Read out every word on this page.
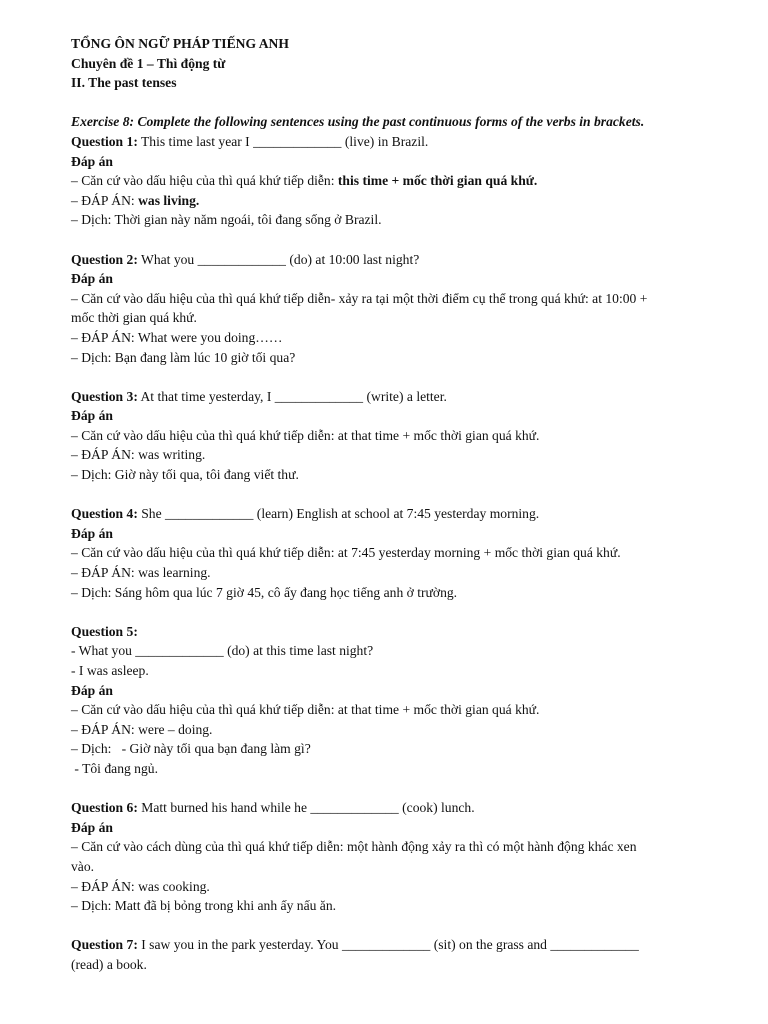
TỔNG ÔN NGỮ PHÁP TIẾNG ANH

Chuyên đề 1 – Thì động từ

II. The past tenses

Exercise 8: Complete the following sentences using the past continuous forms of the verbs in brackets.

Question 1: This time last year I _____________ (live) in Brazil.

Đáp án

– Căn cứ vào dấu hiệu của thì quá khứ tiếp diễn: this time + mốc thời gian quá khứ.

– ĐÁP ÁN: was living.

– Dịch: Thời gian này năm ngoái, tôi đang sống ở Brazil.

Question 2: What you _____________ (do) at 10:00 last night?

Đáp án

– Căn cứ vào dấu hiệu của thì quá khứ tiếp diễn- xảy ra tại một thời điểm cụ thể trong quá khứ: at 10:00 +

mốc thời gian quá khứ.

– ĐÁP ÁN: What were you doing……

– Dịch: Bạn đang làm lúc 10 giờ tối qua?

Question 3: At that time yesterday, I _____________ (write) a letter.

Đáp án

– Căn cứ vào dấu hiệu của thì quá khứ tiếp diễn: at that time + mốc thời gian quá khứ.

– ĐÁP ÁN: was writing.

– Dịch: Giờ này tối qua, tôi đang viết thư.

Question 4: She _____________ (learn) English at school at 7:45 yesterday morning.

Đáp án

– Căn cứ vào dấu hiệu của thì quá khứ tiếp diễn: at 7:45 yesterday morning + mốc thời gian quá khứ.

– ĐÁP ÁN: was learning.

– Dịch: Sáng hôm qua lúc 7 giờ 45, cô ấy đang học tiếng anh ở trường.

Question 5:

- What you _____________ (do) at this time last night?

- I was asleep.

Đáp án

– Căn cứ vào dấu hiệu của thì quá khứ tiếp diễn: at that time + mốc thời gian quá khứ.

– ĐÁP ÁN: were – doing.

– Dịch:   - Giờ này tối qua bạn đang làm gì?

- Tôi đang ngủ.

Question 6: Matt burned his hand while he _____________ (cook) lunch.

Đáp án

– Căn cứ vào cách dùng của thì quá khứ tiếp diễn: một hành động xảy ra thì có một hành động khác xen

vào.

– ĐÁP ÁN: was cooking.

– Dịch: Matt đã bị bỏng trong khi anh ấy nấu ăn.

Question 7: I saw you in the park yesterday. You _____________ (sit) on the grass and _____________

(read) a book.
